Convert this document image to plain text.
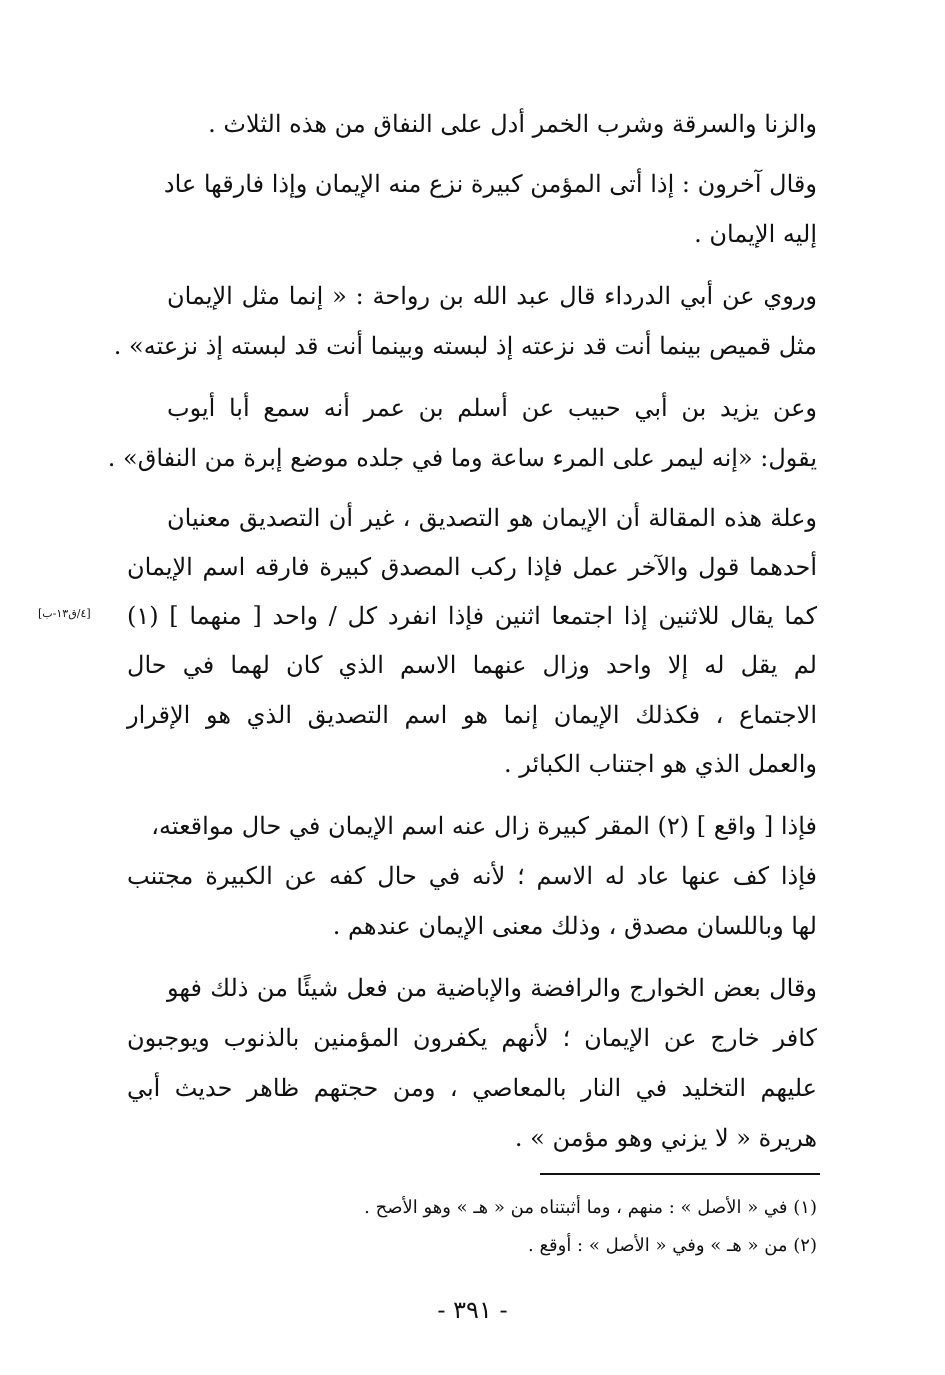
والزنا والسرقة وشرب الخمر أدل على النفاق من هذه الثلاث .
وقال آخرون : إذا أتى المؤمن كبيرة نزع منه الإيمان وإذا فارقها عاد
إليه الإيمان .
وروي عن أبي الدرداء قال عبد الله بن رواحة : « إنما مثل الإيمان
مثل قميص بينما أنت قد نزعته إذ لبسته وبينما أنت قد لبسته إذ نزعته» .
وعن يزيد بن أبي حبيب عن أسلم بن عمر أنه سمع أبا أيوب
يقول: «إنه ليمر على المرء ساعة وما في جلده موضع إبرة من النفاق» .
وعلة هذه المقالة أن الإيمان هو التصديق ، غير أن التصديق معنيان
أحدهما قول والآخر عمل فإذا ركب المصدق كبيرة فارقه اسم الإيمان
كما يقال للاثنين إذا اجتمعا اثنين فإذا انفرد كل / واحد [ منهما ] (١)
لم يقل له إلا واحد وزال عنهما الاسم الذي كان لهما في حال
الاجتماع ، فكذلك الإيمان إنما هو اسم التصديق الذي هو الإقرار
والعمل الذي هو اجتناب الكبائر .
فإذا [ واقع ] (٢) المقر كبيرة زال عنه اسم الإيمان في حال مواقعته،
فإذا كف عنها عاد له الاسم ؛ لأنه في حال كفه عن الكبيرة مجتنب
لها وباللسان مصدق ، وذلك معنى الإيمان عندهم .
وقال بعض الخوارج والرافضة والإباضية من فعل شيئًا من ذلك فهو
كافر خارج عن الإيمان ؛ لأنهم يكفرون المؤمنين بالذنوب ويوجبون
عليهم التخليد في النار بالمعاصي ، ومن حجتهم ظاهر حديث أبي
هريرة « لا يزني وهو مؤمن » .
[٤/ق١٣-ب]
(١) في « الأصل » : منهم ، وما أثبتناه من « هـ » وهو الأصح .
(٢) من « هـ » وفي « الأصل » : أوقع .
- ٣٩١ -
